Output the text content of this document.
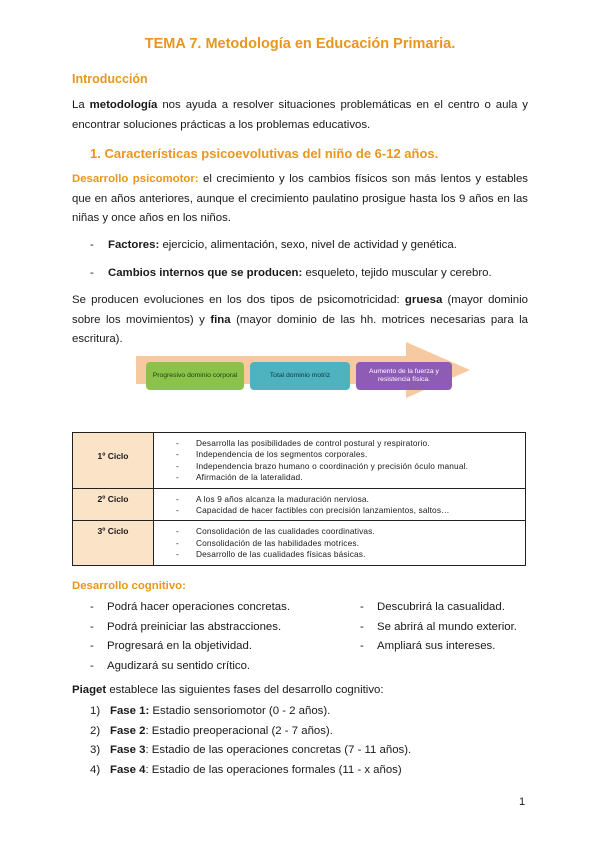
TEMA 7. Metodología en Educación Primaria.
Introducción
La metodología nos ayuda a resolver situaciones problemáticas en el centro o aula y encontrar soluciones prácticas a los problemas educativos.
1. Características psicoevolutivas del niño de 6-12 años.
Desarrollo psicomotor: el crecimiento y los cambios físicos son más lentos y estables que en años anteriores, aunque el crecimiento paulatino prosigue hasta los 9 años en las niñas y once años en los niños.
- Factores: ejercicio, alimentación, sexo, nivel de actividad y genética.
- Cambios internos que se producen: esqueleto, tejido muscular y cerebro.
Se producen evoluciones en los dos tipos de psicomotricidad: gruesa (mayor dominio sobre los movimientos) y fina (mayor dominio de las hh. motrices necesarias para la escritura).
Progresivo dominio corporal	Total dominio motriz
Aumento de la fuerza y resistencia física.
1º Ciclo	- Desarrolla las posibilidades de control postural y respiratorio.
- Independencia de los segmentos corporales.
- Independencia brazo humano o coordinación y precisión óculo manual.
- Afirmación de la lateralidad.

2º Ciclo	- A los 9 años alcanza la maduración nerviosa.
- Capacidad de hacer factibles con precisión lanzamientos, saltos…

3º Ciclo	- Consolidación de las cualidades coordinativas.
- Consolidación de las habilidades motrices.
- Desarrollo de las cualidades físicas básicas.
Desarrollo cognitivo:
- Podrá hacer operaciones concretas.
- Podrá preiniciar las abstracciones.
- Progresará en la objetividad.
- Agudizará su sentido crítico.
- Descubrirá la casualidad.
- Se abrirá al mundo exterior.
- Ampliará sus intereses.
Piaget establece las siguientes fases del desarrollo cognitivo:
1) Fase 1: Estadio sensoriomotor (0 - 2 años).
2) Fase 2: Estadio preoperacional (2 - 7 años).
3) Fase 3: Estadio de las operaciones concretas (7 - 11 años).
4) Fase 4: Estadio de las operaciones formales (11 - x años)
1
